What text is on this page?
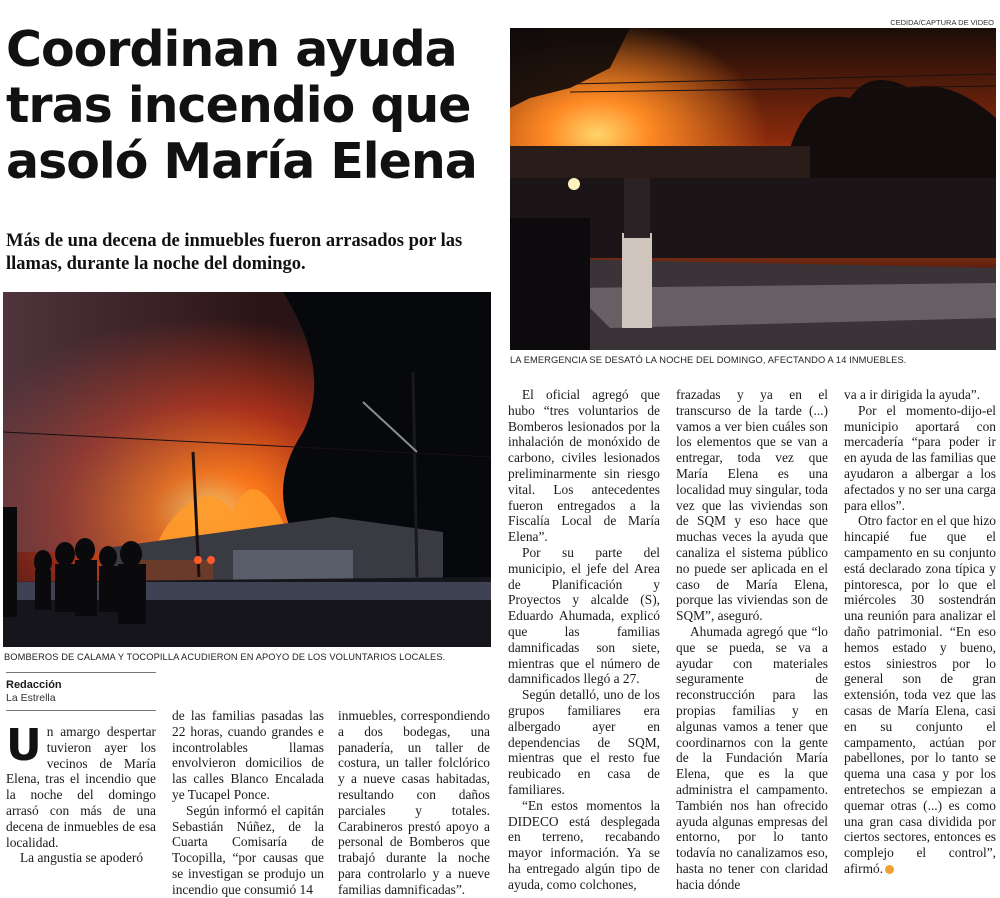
Coordinan ayuda
tras incendio que
asoló María Elena
Más de una decena de inmuebles fueron arrasados por las llamas, durante la noche del domingo.
CEDIDA/CAPTURA DE VIDEO
LA EMERGENCIA SE DESATÓ LA NOCHE DEL DOMINGO, AFECTANDO A 14 INMUEBLES.
BOMBEROS DE CALAMA Y TOCOPILLA ACUDIERON EN APOYO DE LOS VOLUNTARIOS LOCALES.
Redacción
La Estrella

U n amargo despertar tuvieron ayer los vecinos de María Elena, tras el incendio que la noche del domingo arrasó con más de una decena de inmuebles de esa localidad.

La angustia se apoderó

de las familias pasadas las 22 horas, cuando grandes e incontrolables llamas envolvieron domicilios de las calles Blanco Encalada ye Tucapel Ponce.

Según informó el capitán Sebastián Núñez, de la Cuarta Comisaría de Tocopilla, “por causas que se investigan se produjo un incendio que consumió 14

inmuebles, correspondiendo a dos bodegas, una panadería, un taller de costura, un taller folclórico y a nueve casas habitadas, resultando con daños parciales y totales. Carabineros prestó apoyo a personal de Bomberos que trabajó durante la noche para controlarlo y a nueve familias damnificadas”.

El oficial agregó que hubo “tres voluntarios de Bomberos lesionados por la inhalación de monóxido de carbono, civiles lesionados preliminarmente sin riesgo vital. Los antecedentes fueron entregados a la Fiscalía Local de María Elena”.

Por su parte del municipio, el jefe del Area de Planificación y Proyectos y alcalde (S), Eduardo Ahumada, explicó que las familias damnificadas son siete, mientras que el número de damnificados llegó a 27.

Según detalló, uno de los grupos familiares era albergado ayer en dependencias de SQM, mientras que el resto fue reubicado en casa de familiares.

“En estos momentos la DIDECO está desplegada en terreno, recabando mayor información. Ya se ha entregado algún tipo de ayuda, como colchones,

frazadas y ya en el transcurso de la tarde (...) vamos a ver bien cuáles son los elementos que se van a entregar, toda vez que María Elena es una localidad muy singular, toda vez que las viviendas son de SQM y eso hace que muchas veces la ayuda que canaliza el sistema público no puede ser aplicada en el caso de María Elena, porque las viviendas son de SQM”, aseguró.

Ahumada agregó que “lo que se pueda, se va a ayudar con materiales seguramente de reconstrucción para las propias familias y en algunas vamos a tener que coordinarnos con la gente de la Fundación María Elena, que es la que administra el campamento. También nos han ofrecido ayuda algunas empresas del entorno, por lo tanto todavía no canalizamos eso, hasta no tener con claridad hacia dónde

va a ir dirigida la ayuda”.

Por el momento-dijo-el municipio aportará con mercadería “para poder ir en ayuda de las familias que ayudaron a albergar a los afectados y no ser una carga para ellos”.

Otro factor en el que hizo hincapié fue que el campamento en su conjunto está declarado zona típica y pintoresca, por lo que el miércoles 30 sostendrán una reunión para analizar el daño patrimonial. “En eso hemos estado y bueno, estos siniestros por lo general son de gran extensión, toda vez que las casas de María Elena, casi en su conjunto el campamento, actúan por pabellones, por lo tanto se quema una casa y por los entretechos se empiezan a quemar otras (...) es como una gran casa dividida por ciertos sectores, entonces es complejo el control”, afirmó.
